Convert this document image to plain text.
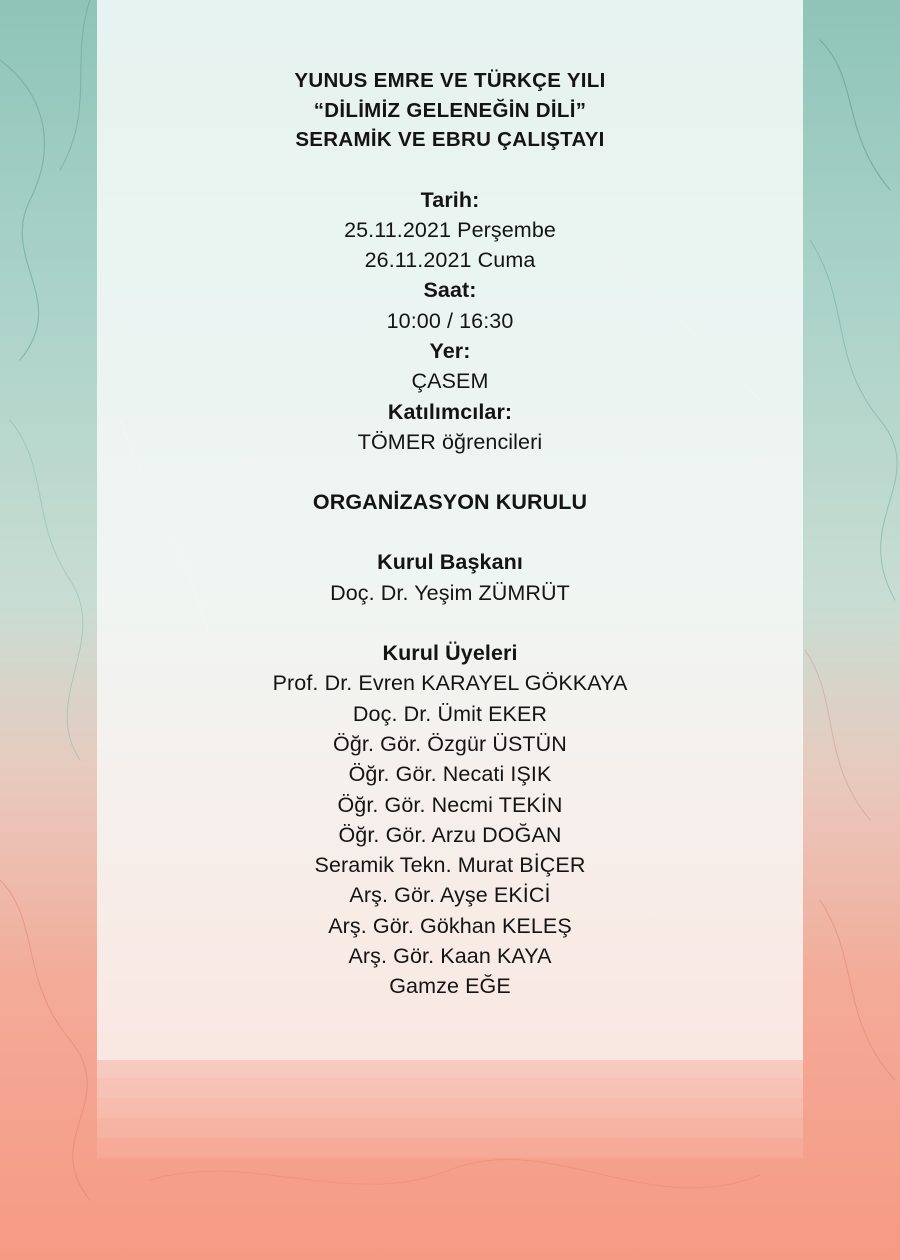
YUNUS EMRE VE TÜRKÇE YILI
“DİLİMİZ GELENEĞİN DİLİ”
SERAMİK VE EBRU ÇALIŞTAYI
Tarih:
25.11.2021 Perşembe
26.11.2021 Cuma
Saat:
10:00 / 16:30
Yer:
ÇASEM
Katılımcılar:
TÖMER öğrencileri
ORGANİZASYON KURULU
Kurul Başkanı
Doç. Dr. Yeşim ZÜMRÜT
Kurul Üyeleri
Prof. Dr. Evren KARAYEL GÖKKAYA
Doç. Dr. Ümit EKER
Öğr. Gör. Özgür ÜSTÜN
Öğr. Gör. Necati IŞIK
Öğr. Gör. Necmi TEKİN
Öğr. Gör. Arzu DOĞAN
Seramik Tekn. Murat BİÇER
Arş. Gör. Ayşe EKİCİ
Arş. Gör. Gökhan KELEŞ
Arş. Gör. Kaan KAYA
Gamze EĞE
